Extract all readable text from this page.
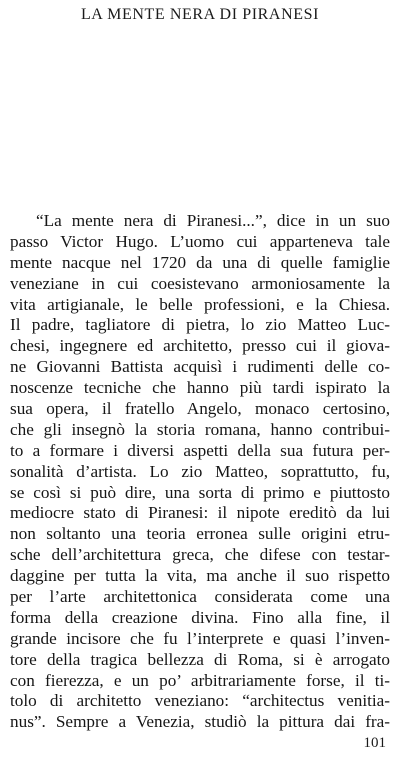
LA MENTE NERA DI PIRANESI
“La mente nera di Piranesi...”, dice in un suo
passo Victor Hugo. L’uomo cui apparteneva tale
mente nacque nel 1720 da una di quelle famiglie
veneziane in cui coesistevano armoniosamente la
vita artigianale, le belle professioni, e la Chiesa.
Il padre, tagliatore di pietra, lo zio Matteo Luc-
chesi, ingegnere ed architetto, presso cui il giova-
ne Giovanni Battista acquisì i rudimenti delle co-
noscenze tecniche che hanno più tardi ispirato la
sua opera, il fratello Angelo, monaco certosino,
che gli insegnò la storia romana, hanno contribui-
to a formare i diversi aspetti della sua futura per-
sonalità d’artista. Lo zio Matteo, soprattutto, fu,
se così si può dire, una sorta di primo e piuttosto
mediocre stato di Piranesi: il nipote ereditò da lui
non soltanto una teoria erronea sulle origini etru-
sche dell’architettura greca, che difese con testar-
daggine per tutta la vita, ma anche il suo rispetto
per l’arte architettonica considerata come una
forma della creazione divina. Fino alla fine, il
grande incisore che fu l’interprete e quasi l’inven-
tore della tragica bellezza di Roma, si è arrogato
con fierezza, e un po’ arbitrariamente forse, il ti-
tolo di architetto veneziano: “architectus venitia-
nus”. Sempre a Venezia, studiò la pittura dai fra-
101
